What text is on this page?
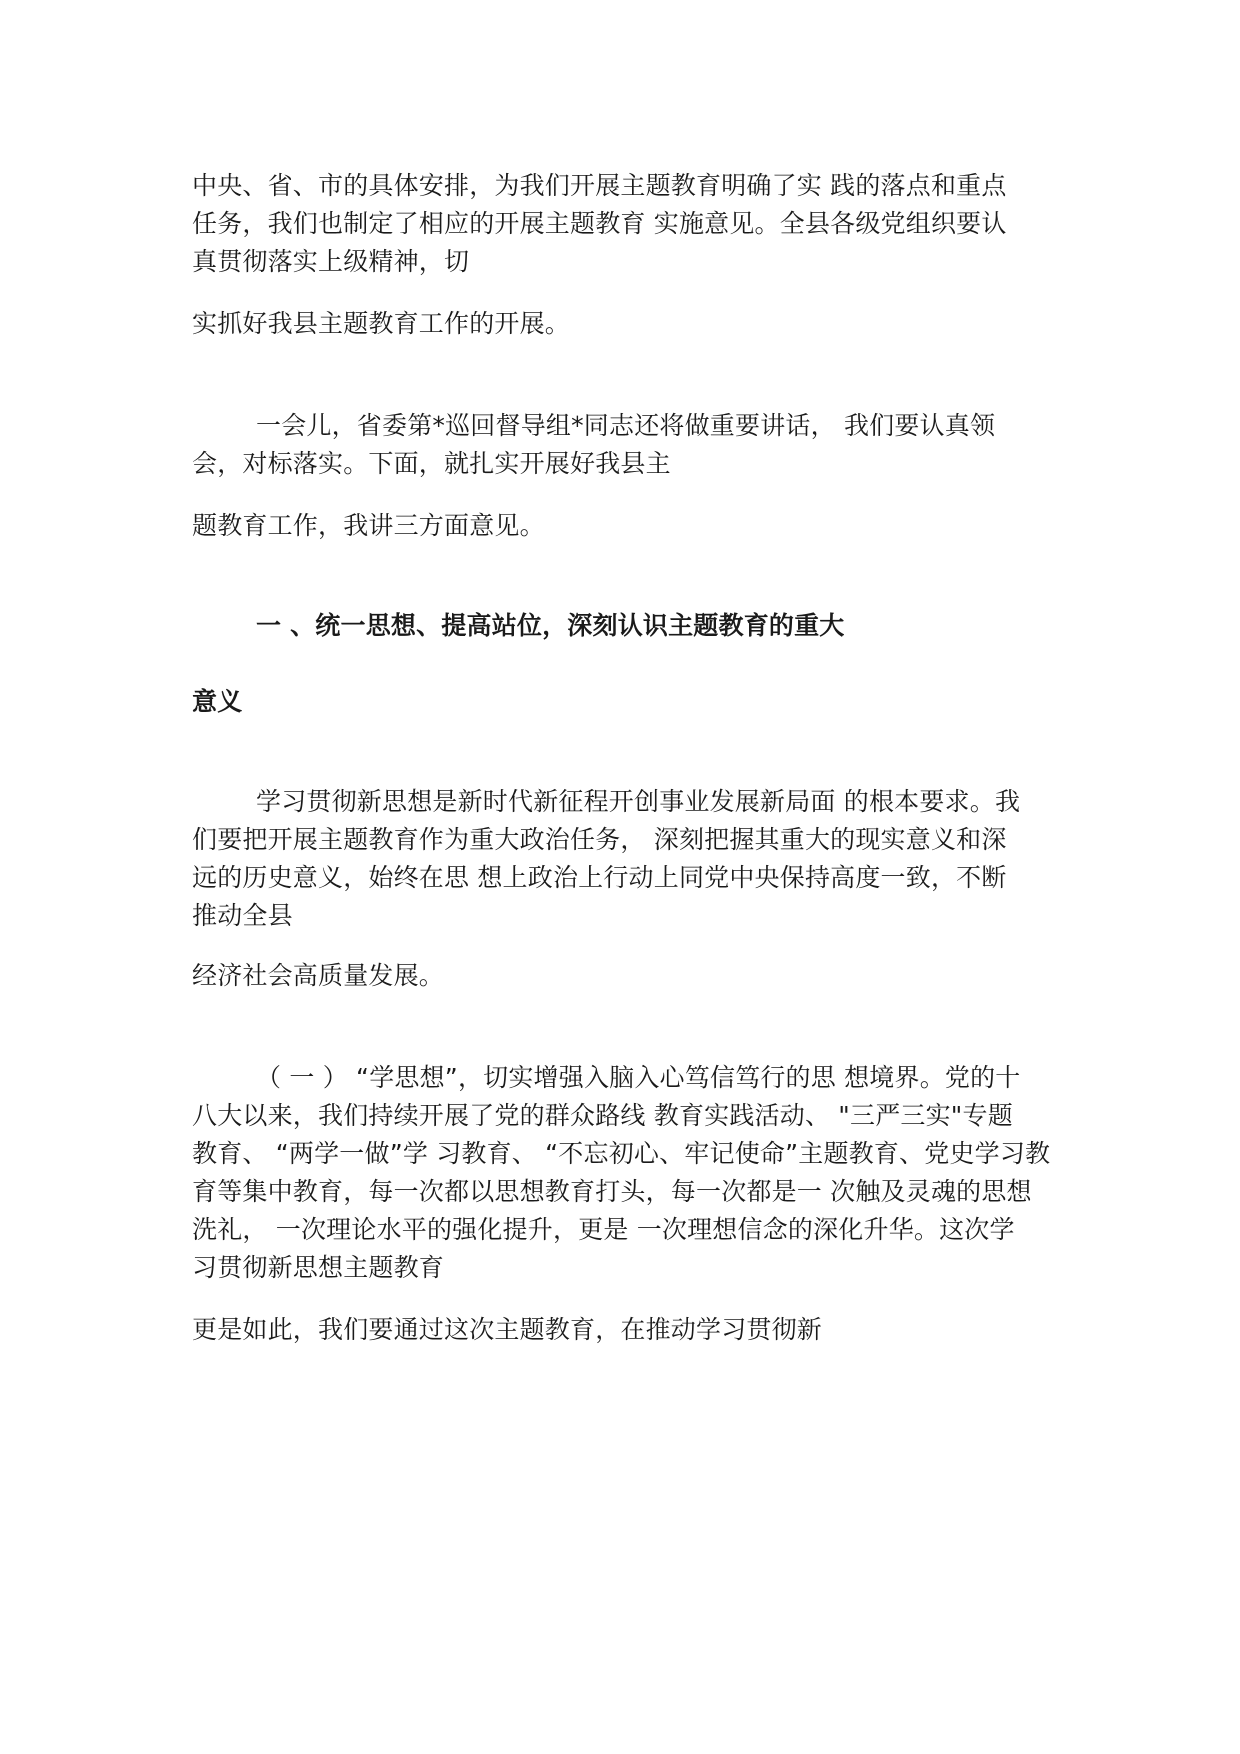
中央、省、市的具体安排，为我们开展主题教育明确了实 践的落点和重点
任务，我们也制定了相应的开展主题教育 实施意见。全县各级党组织要认
真贯彻落实上级精神，切
实抓好我县主题教育工作的开展。
一会儿，省委第*巡回督导组*同志还将做重要讲话， 我们要认真领
会，对标落实。下面，就扎实开展好我县主
题教育工作，我讲三方面意见。
一 、统一思想、提高站位，深刻认识主题教育的重大
意义
学习贯彻新思想是新时代新征程开创事业发展新局面 的根本要求。我
们要把开展主题教育作为重大政治任务， 深刻把握其重大的现实意义和深
远的历史意义，始终在思 想上政治上行动上同党中央保持高度一致，不断
推动全县
经济社会高质量发展。
（ 一 ） “学思想”，切实增强入脑入心笃信笃行的思 想境界。党的十
八大以来，我们持续开展了党的群众路线 教育实践活动、 "三严三实"专题
教育、 “两学一做”学 习教育、 “不忘初心、牢记使命”主题教育、党史学习教
育等集中教育，每一次都以思想教育打头，每一次都是一 次触及灵魂的思想
洗礼， 一次理论水平的强化提升，更是 一次理想信念的深化升华。这次学
习贯彻新思想主题教育
更是如此，我们要通过这次主题教育，在推动学习贯彻新
